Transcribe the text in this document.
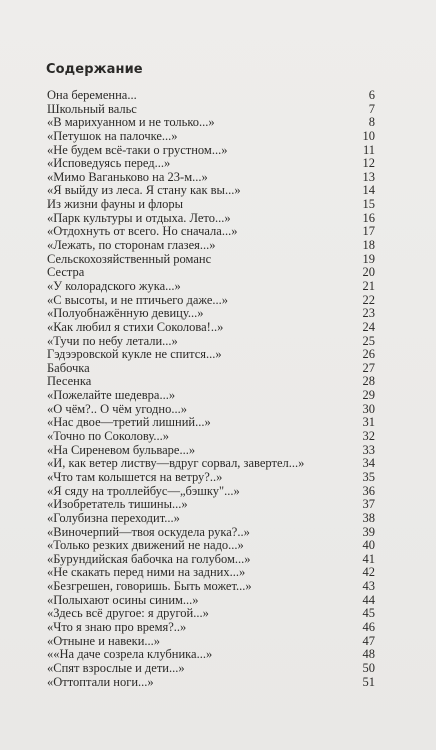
Содержание
Она беременна...	6
Школьный вальс	7
«В марихуанном и не только...»	8
«Петушок на палочке...»	10
«Не будем всё-таки о грустном...»	11
«Исповедуясь перед...»	12
«Мимо Ваганьково на 23-м...»	13
«Я выйду из леса. Я стану как вы...»	14
Из жизни фауны и флоры	15
«Парк культуры и отдыха. Лето...»	16
«Отдохнуть от всего. Но сначала...»	17
«Лежать, по сторонам глазея...»	18
Сельскохозяйственный романс	19
Сестра	20
«У колорадского жука...»	21
«С высоты, и не птичьего даже...»	22
«Полуобнажённую девицу...»	23
«Как любил я стихи Соколова!..»	24
«Тучи по небу летали...»	25
Гэдээровской кукле не спится...»	26
Бабочка	27
Песенка	28
«Пожелайте шедевра...»	29
«О чём?.. О чём угодно...»	30
«Нас двое—третий лишний...»	31
«Точно по Соколову...»	32
«На Сиреневом бульваре...»	33
«И, как ветер листву—вдруг сорвал, завертел...»	34
«Что там колышется на ветру?..»	35
«Я сяду на троллейбус—„бэшку"...»	36
«Изобретатель тишины...»	37
«Голубизна переходит...»	38
«Виночерпий—твоя оскудела рука?..»	39
«Только резких движений не надо...»	40
«Бурундийская бабочка на голубом...»	41
«Не скакать перед ними на задних...»	42
«Безгрешен, говоришь. Быть может...»	43
«Полыхают осины синим...»	44
«Здесь всё другое: я другой...»	45
«Что я знаю про время?..»	46
«Отныне и навеки...»	47
««На даче созрела клубника...»	48
«Спят взрослые и дети...»	50
«Оттоптали ноги...»	51
